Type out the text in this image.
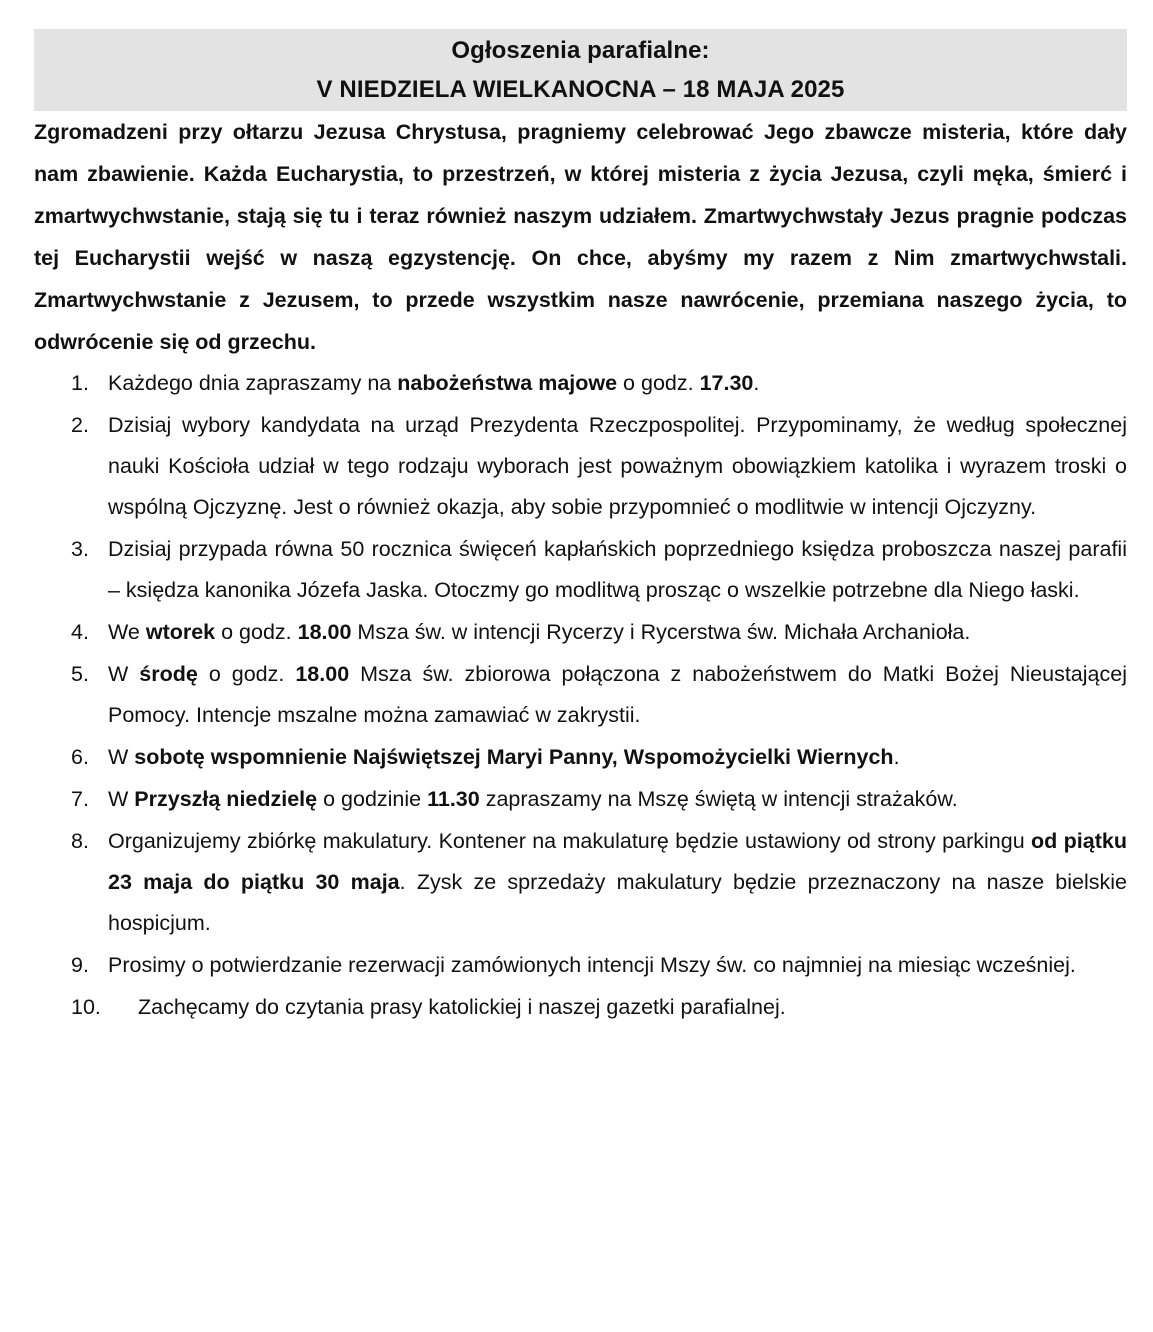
Ogłoszenia parafialne:
V NIEDZIELA WIELKANOCNA – 18 MAJA 2025

Zgromadzeni przy ołtarzu Jezusa Chrystusa, pragniemy celebrować Jego zbawcze misteria, które dały nam zbawienie. Każda Eucharystia, to przestrzeń, w której misteria z życia Jezusa, czyli męka, śmierć i zmartwychwstanie, stają się tu i teraz również naszym udziałem. Zmartwychwstały Jezus pragnie podczas tej Eucharystii wejść w naszą egzystencję. On chce, abyśmy my razem z Nim zmartwychwstali. Zmartwychwstanie z Jezusem, to przede wszystkim nasze nawrócenie, przemiana naszego życia, to odwrócenie się od grzechu.

1. Każdego dnia zapraszamy na nabożeństwa majowe o godz. 17.30.
2. Dzisiaj wybory kandydata na urząd Prezydenta Rzeczpospolitej. Przypominamy, że według społecznej nauki Kościoła udział w tego rodzaju wyborach jest poważnym obowiązkiem katolika i wyrazem troski o wspólną Ojczyznę. Jest o również okazja, aby sobie przypomnieć o modlitwie w intencji Ojczyzny.
3. Dzisiaj przypada równa 50 rocznica święceń kapłańskich poprzedniego księdza proboszcza naszej parafii – księdza kanonika Józefa Jaska. Otoczmy go modlitwą prosząc o wszelkie potrzebne dla Niego łaski.
4. We wtorek o godz. 18.00 Msza św. w intencji Rycerzy i Rycerstwa św. Michała Archanioła.
5. W środę o godz. 18.00 Msza św. zbiorowa połączona z nabożeństwem do Matki Bożej Nieustającej Pomocy. Intencje mszalne można zamawiać w zakrystii.
6. W sobotę wspomnienie Najświętszej Maryi Panny, Wspomożycielki Wiernych.
7. W Przyszłą niedzielę o godzinie 11.30 zapraszamy na Mszę świętą w intencji strażaków.
8. Organizujemy zbiórkę makulatury. Kontener na makulaturę będzie ustawiony od strony parkingu od piątku 23 maja do piątku 30 maja. Zysk ze sprzedaży makulatury będzie przeznaczony na nasze bielskie hospicjum.
9. Prosimy o potwierdzanie rezerwacji zamówionych intencji Mszy św. co najmniej na miesiąc wcześniej.
10. Zachęcamy do czytania prasy katolickiej i naszej gazetki parafialnej.
